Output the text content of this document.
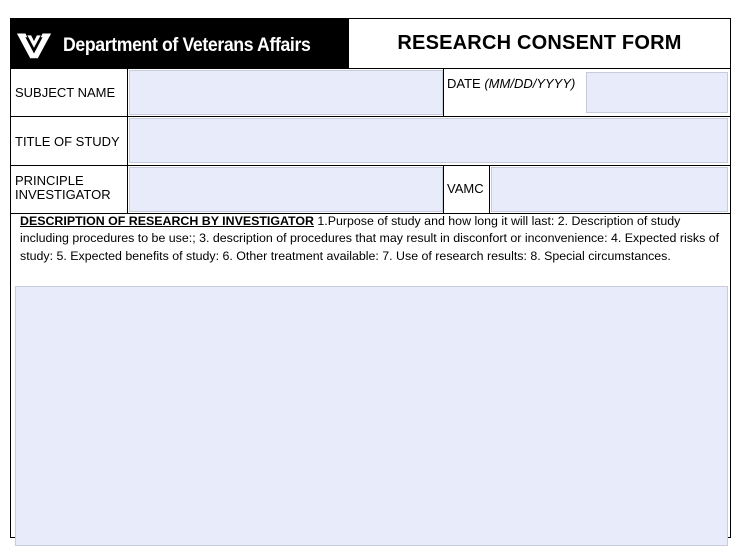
Department of Veterans Affairs	RESEARCH CONSENT FORM
SUBJECT NAME
DATE (MM/DD/YYYY)
TITLE OF STUDY
PRINCIPLE
INVESTIGATOR	VAMC
DESCRIPTION OF RESEARCH BY INVESTIGATOR 1.Purpose of study and how long it will last: 2. Description of study including procedures to be use:; 3. description of procedures that may result in disconfort or inconvenience: 4. Expected risks of study: 5. Expected benefits of study: 6. Other treatment available: 7. Use of research results: 8. Special circumstances.
